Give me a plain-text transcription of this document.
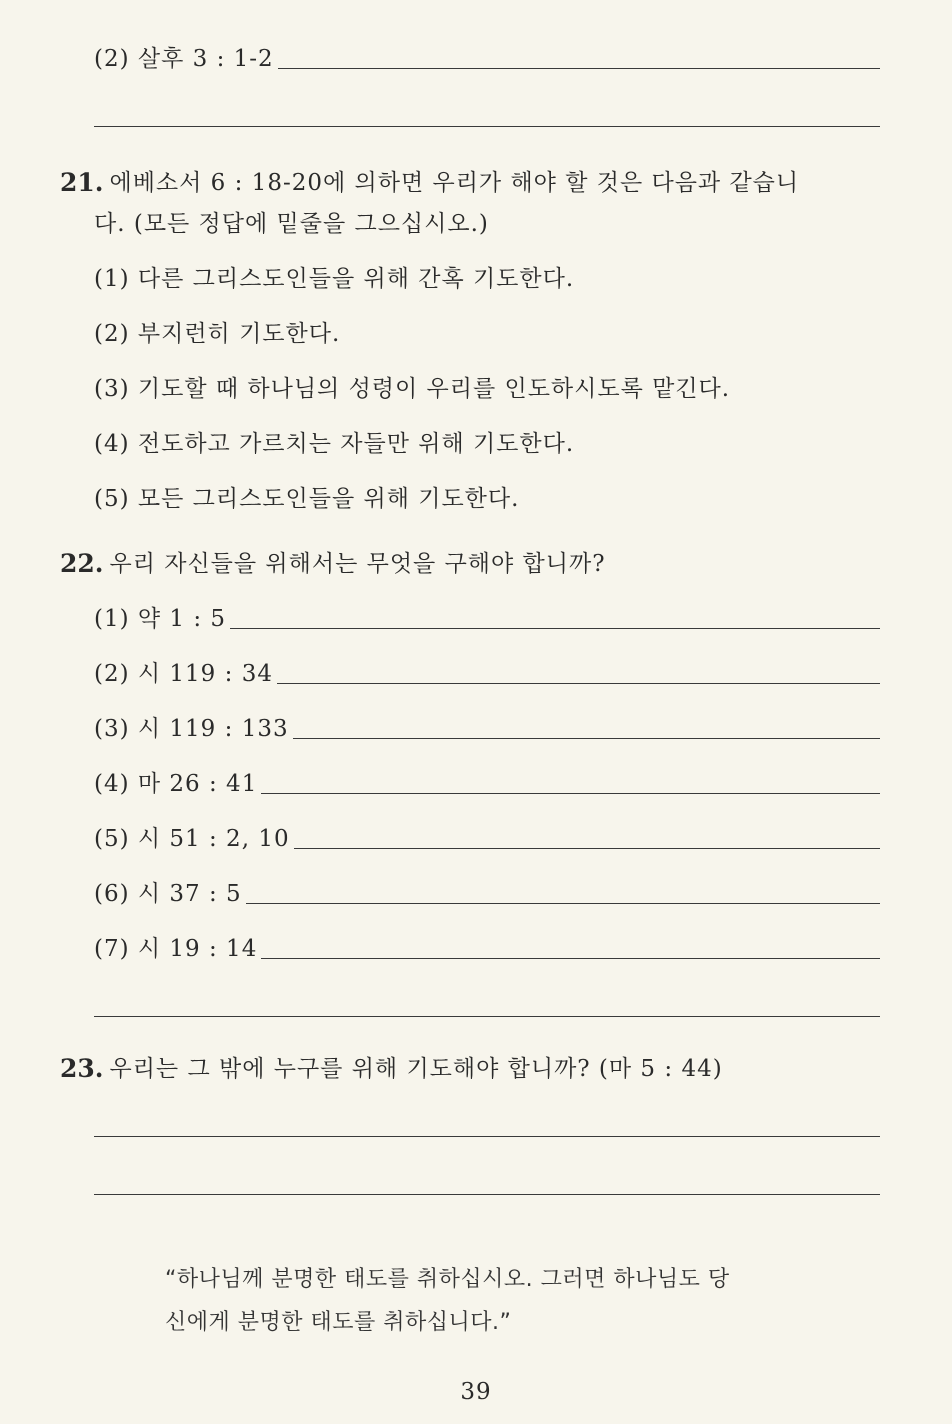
(2) 살후 3 : 1-2
21. 에베소서 6 : 18-20에 의하면 우리가 해야 할 것은 다음과 같습니
다. (모든 정답에 밑줄을 그으십시오.)
(1) 다른 그리스도인들을 위해 간혹 기도한다.
(2) 부지런히 기도한다.
(3) 기도할 때 하나님의 성령이 우리를 인도하시도록 맡긴다.
(4) 전도하고 가르치는 자들만 위해 기도한다.
(5) 모든 그리스도인들을 위해 기도한다.
22. 우리 자신들을 위해서는 무엇을 구해야 합니까?
(1) 약 1 : 5
(2) 시 119 : 34
(3) 시 119 : 133
(4) 마 26 : 41
(5) 시 51 : 2, 10
(6) 시 37 : 5
(7) 시 19 : 14
23. 우리는 그 밖에 누구를 위해 기도해야 합니까? (마 5 : 44)
“하나님께 분명한 태도를 취하십시오. 그러면 하나님도 당
신에게 분명한 태도를 취하십니다.”
39
